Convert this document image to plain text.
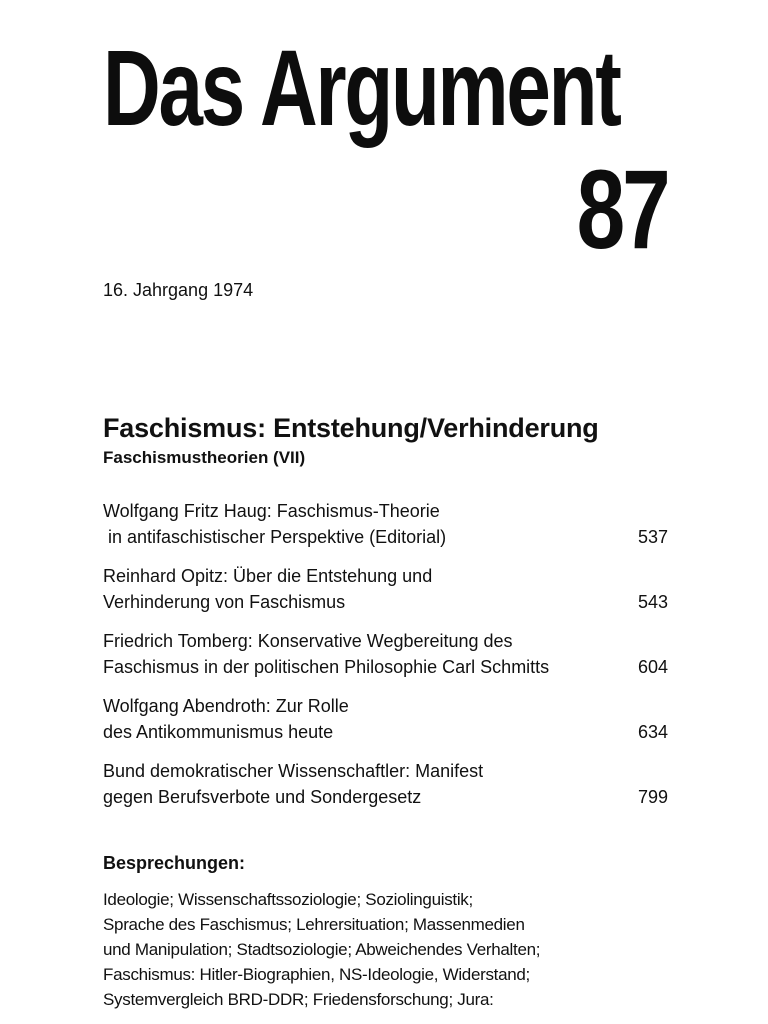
Das Argument
87

16. Jahrgang 1974

Faschismus: Entstehung/Verhinderung

Faschismustheorien (VII)

Wolfgang Fritz Haug: Faschismus-Theorie
in antifaschistischer Perspektive (Editorial)	537
Reinhard Opitz: Über die Entstehung und
Verhinderung von Faschismus	543
Friedrich Tomberg: Konservative Wegbereitung des
Faschismus in der politischen Philosophie Carl Schmitts	604
Wolfgang Abendroth: Zur Rolle
des Antikommunismus heute	634
Bund demokratischer Wissenschaftler: Manifest
gegen Berufsverbote und Sondergesetz	799
Besprechungen:
Ideologie; Wissenschaftssoziologie; Soziolinguistik;
Sprache des Faschismus; Lehrersituation; Massenmedien
und Manipulation; Stadtsoziologie; Abweichendes Verhalten;
Faschismus: Hitler-Biographien, NS-Ideologie, Widerstand;
Systemvergleich BRD-DDR; Friedensforschung; Jura:
